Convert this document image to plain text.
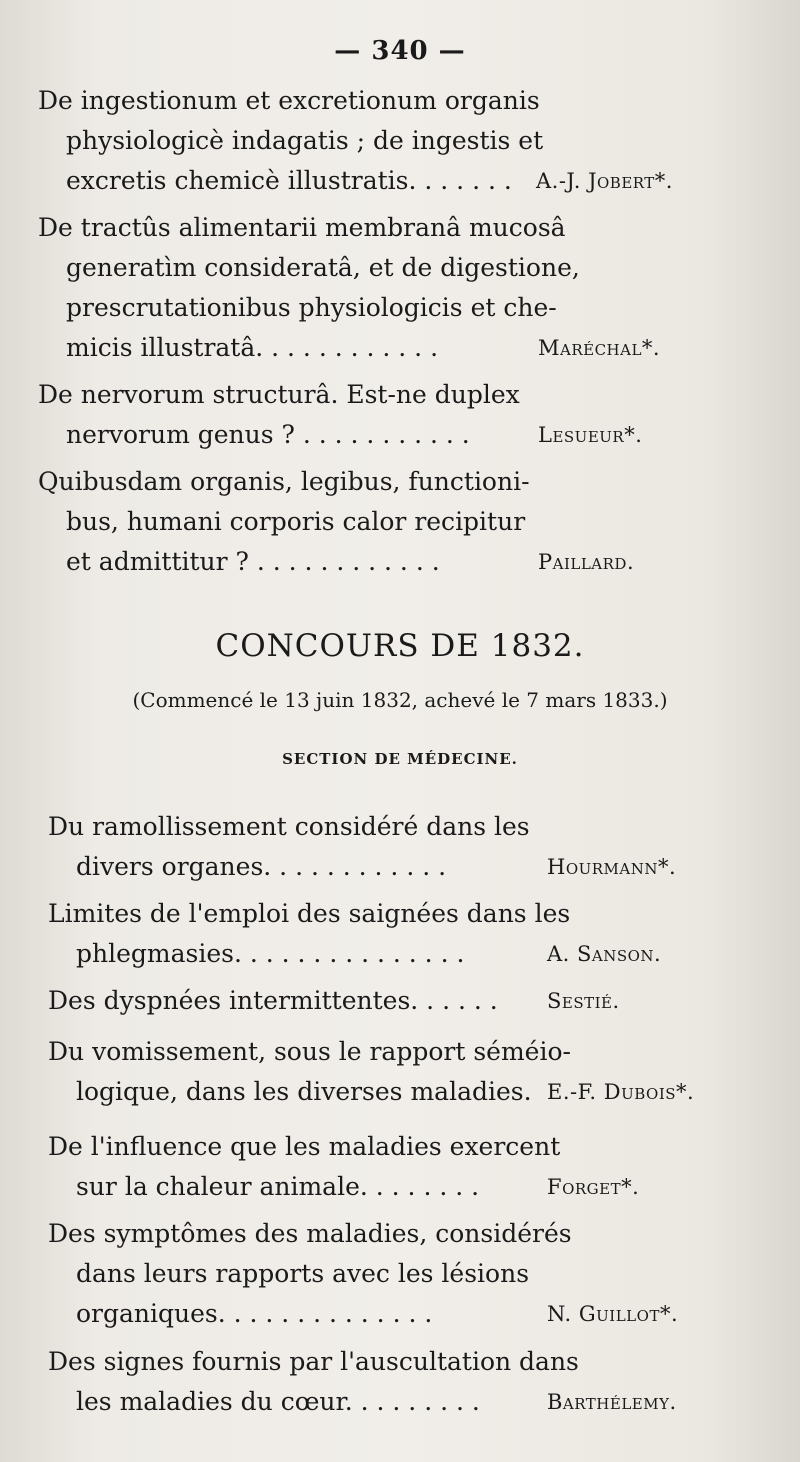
— 340 —
De ingestionum et excretionum organis
physiologicè indagatis ; de ingestis et
excretis chemicè illustratis. . . . . . . A.-J. Jobert*.
De tractûs alimentarii membranâ mucosâ
generatìm consideratâ, et de digestione,
prescrutationibus physiologicis et che-
micis illustratâ. . . . . . . . . . . .	Maréchal*.
De nervorum structurâ. Est-ne duplex
nervorum genus ? . . . . . . . . . . .	Lesueur*.
Quibusdam organis, legibus, functioni-
bus, humani corporis calor recipitur
et admittitur ? . . . . . . . . . . . .	Paillard.
CONCOURS DE 1832.
(Commencé le 13 juin 1832, achevé le 7 mars 1833.)
SECTION DE MÉDECINE.
Du ramollissement considéré dans les
divers organes. . . . . . . . . . . .	Hourmann*.
Limites de l'emploi des saignées dans les
phlegmasies. . . . . . . . . . . . . . .	A. Sanson.
Des dyspnées intermittentes. . . . . . Sestié.
Du vomissement, sous le rapport séméio-
logique, dans les diverses maladies. E.-F. Dubois*.
De l'influence que les maladies exercent
sur la chaleur animale. . . . . . . .	Forget*.
Des symptômes des maladies, considérés
dans leurs rapports avec les lésions
organiques. . . . . . . . . . . . . .	N. Guillot*.
Des signes fournis par l'auscultation dans
les maladies du cœur. . . . . . . . .	Barthélemy.
